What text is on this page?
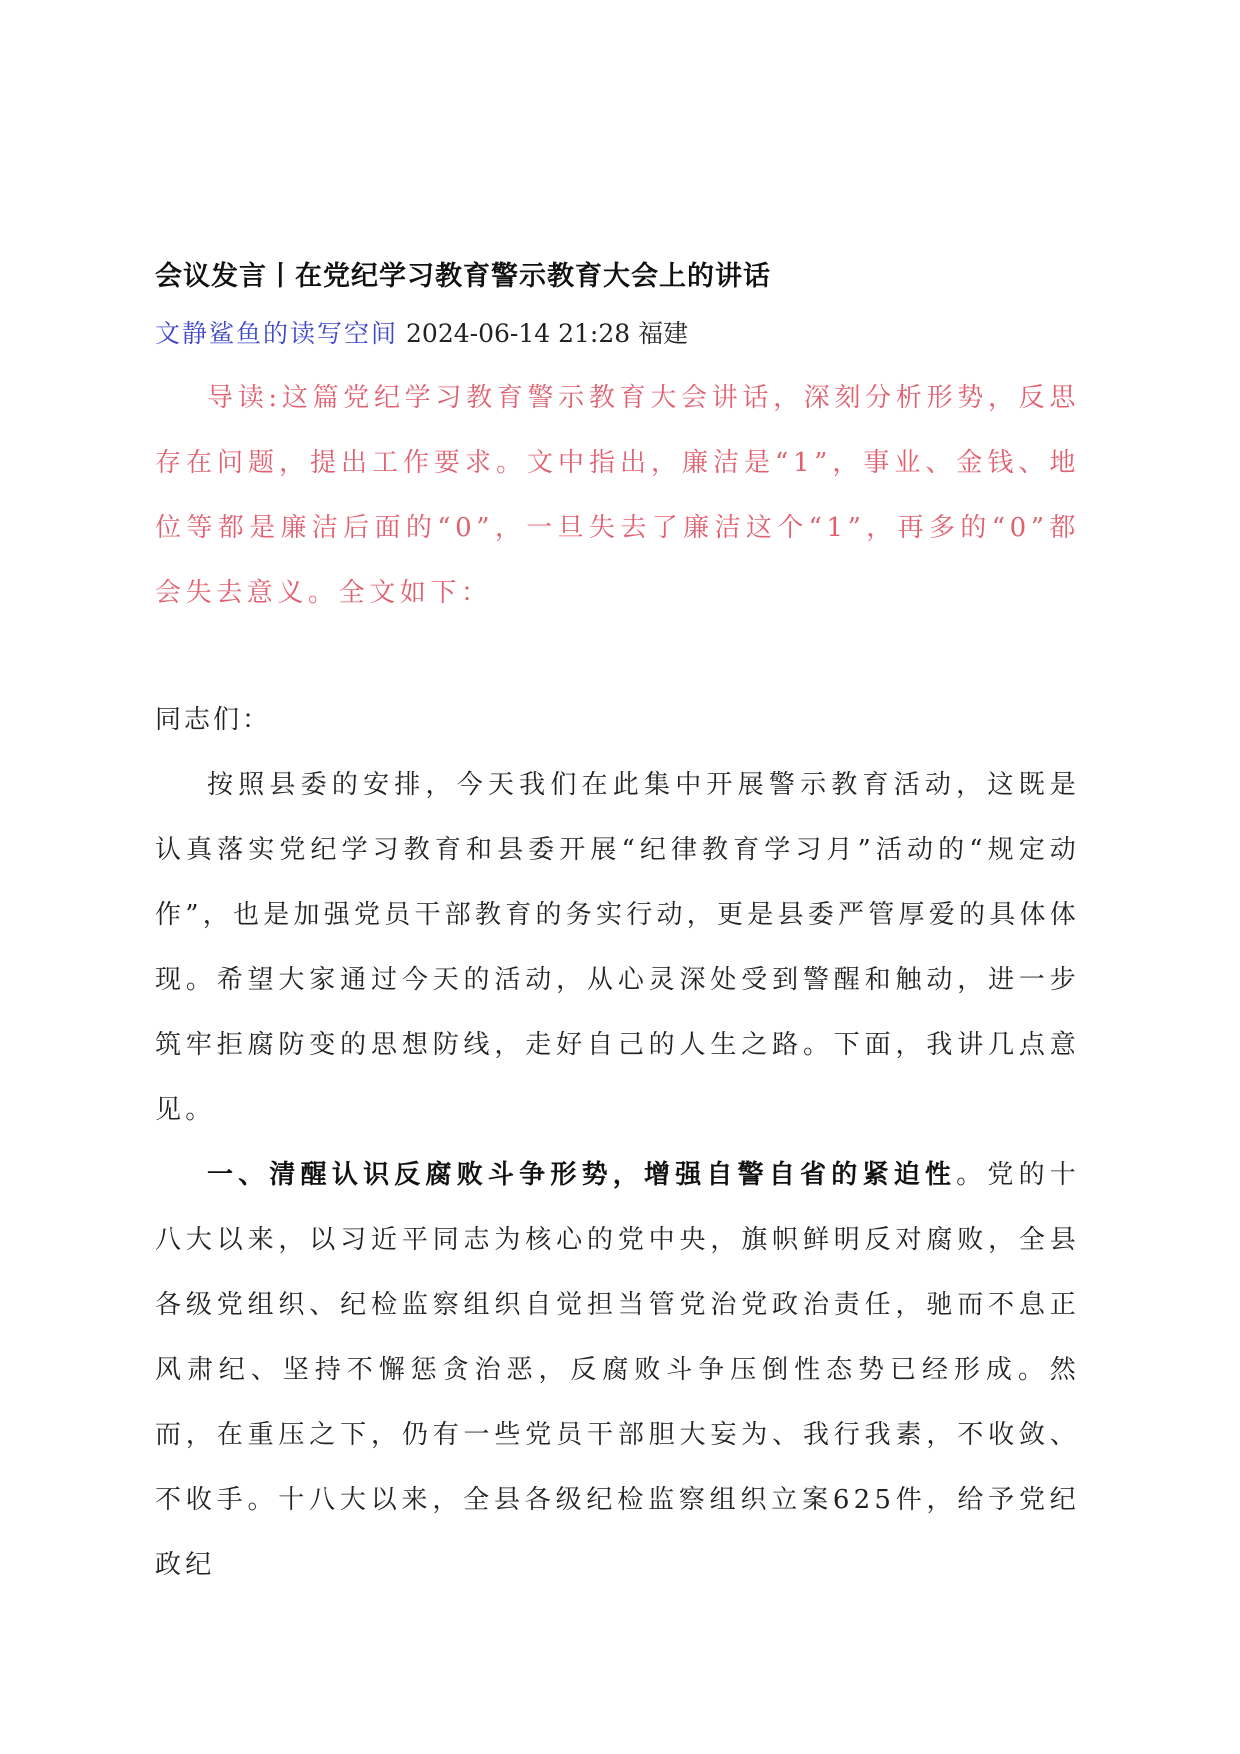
会议发言丨在党纪学习教育警示教育大会上的讲话

文静鲨鱼的读写空间 2024-06-14 21:28 福建

导读:这篇党纪学习教育警示教育大会讲话，深刻分析形势，反思存在问题，提出工作要求。文中指出，廉洁是“1”，事业、金钱、地位等都是廉洁后面的“0”，一旦失去了廉洁这个“1”，再多的“0”都会失去意义。全文如下：

同志们：

按照县委的安排，今天我们在此集中开展警示教育活动，这既是认真落实党纪学习教育和县委开展“纪律教育学习月”活动的“规定动作”，也是加强党员干部教育的务实行动，更是县委严管厚爱的具体体现。希望大家通过今天的活动，从心灵深处受到警醒和触动，进一步筑牢拒腐防变的思想防线，走好自己的人生之路。下面，我讲几点意见。

一、清醒认识反腐败斗争形势，增强自警自省的紧迫性。党的十八大以来，以习近平同志为核心的党中央，旗帜鲜明反对腐败，全县各级党组织、纪检监察组织自觉担当管党治党政治责任，驰而不息正风肃纪、坚持不懈惩贪治恶，反腐败斗争压倒性态势已经形成。然而，在重压之下，仍有一些党员干部胆大妄为、我行我素，不收敛、不收手。十八大以来，全县各级纪检监察组织立案625件，给予党纪政纪
